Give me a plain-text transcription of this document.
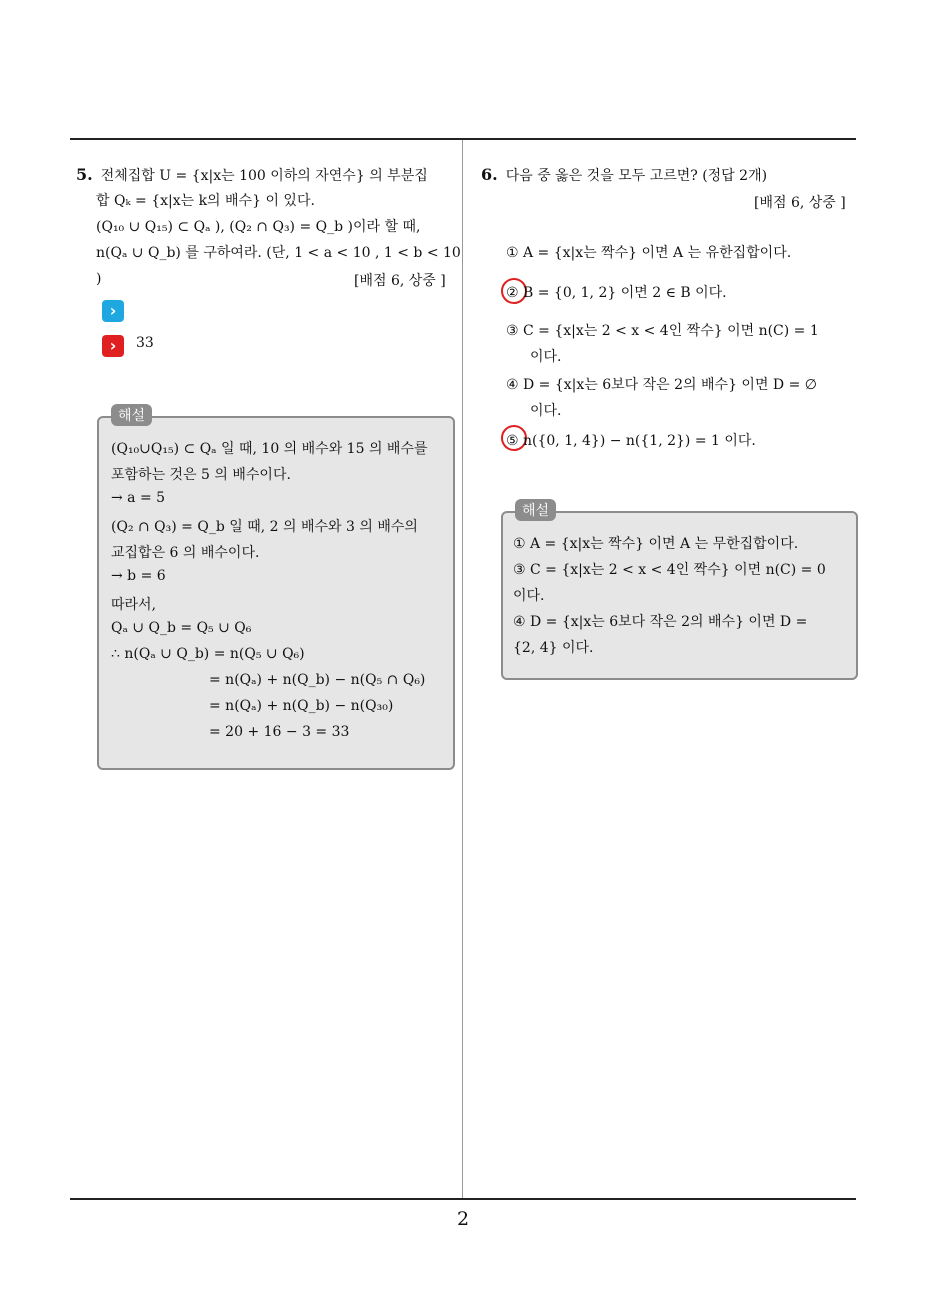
2
5. 전체집합 U = {x|x는 100 이하의 자연수} 의 부분집
합 Qₖ = {x|x는 k의 배수} 이 있다.
(Q₁₀ ∪ Q₁₅) ⊂ Qₐ ), (Q₂ ∩ Q₃) = Q_b )이라 할 때,
n(Qₐ ∪ Q_b) 를 구하여라. (단, 1 < a < 10 , 1 < b < 10
)	[배점 6, 상중 ]
›
›	33
해설
(Q₁₀∪Q₁₅) ⊂ Qₐ 일 때, 10 의 배수와 15 의 배수를
포함하는 것은 5 의 배수이다.
→ a = 5
(Q₂ ∩ Q₃) = Q_b 일 때, 2 의 배수와 3 의 배수의
교집합은 6 의 배수이다.
→ b = 6
따라서,
Qₐ ∪ Q_b = Q₅ ∪ Q₆
∴ n(Qₐ ∪ Q_b) = n(Q₅ ∪ Q₆)
= n(Qₐ) + n(Q_b) − n(Q₅ ∩ Q₆)
= n(Qₐ) + n(Q_b) − n(Q₃₀)
= 20 + 16 − 3 = 33
6. 다음 중 옳은 것을 모두 고르면? (정답 2개)
[배점 6, 상중 ]
① A = {x|x는 짝수} 이면 A 는 유한집합이다.
② B = {0, 1, 2} 이면 2 ∈ B 이다.
③ C = {x|x는 2 < x < 4인 짝수} 이면 n(C) = 1
이다.
④ D = {x|x는 6보다 작은 2의 배수} 이면 D = ∅
이다.
⑤ n({0, 1, 4}) − n({1, 2}) = 1 이다.
해설
① A = {x|x는 짝수} 이면 A 는 무한집합이다.
③ C = {x|x는 2 < x < 4인 짝수} 이면 n(C) = 0
이다.
④ D = {x|x는 6보다 작은 2의 배수} 이면 D =
{2, 4} 이다.
